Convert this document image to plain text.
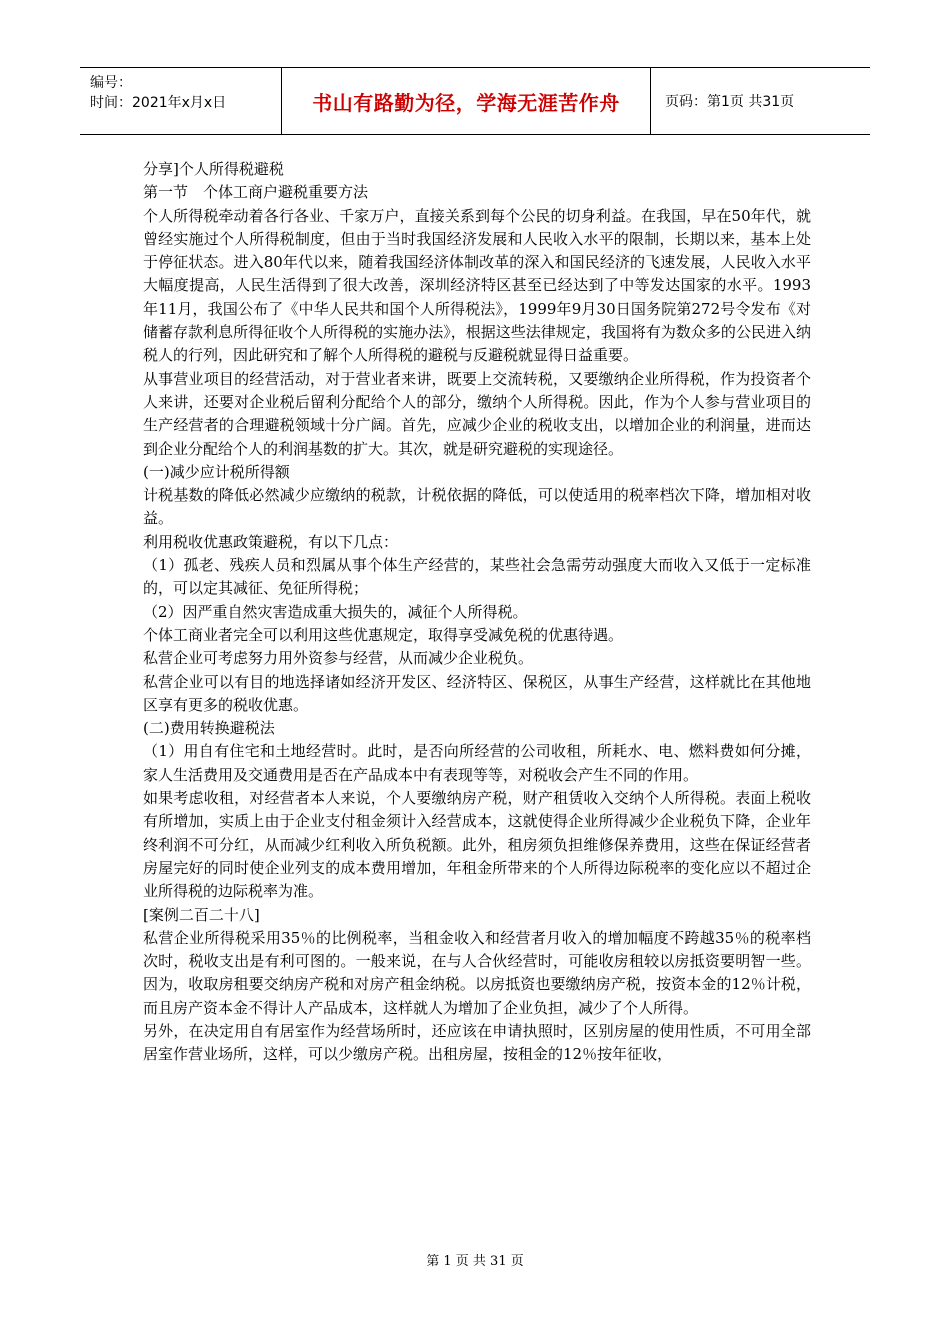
编号：
时间：2021年x月x日	书山有路勤为径，学海无涯苦作舟	页码：第1页 共31页

分享]个人所得税避税

第一节　个体工商户避税重要方法

个人所得税牵动着各行各业、千家万户，直接关系到每个公民的切身利益。在我国，早在50年代，就曾经实施过个人所得税制度，但由于当时我国经济发展和人民收入水平的限制，长期以来，基本上处于停征状态。进入80年代以来，随着我国经济体制改革的深入和国民经济的飞速发展，人民收入水平大幅度提高，人民生活得到了很大改善，深圳经济特区甚至已经达到了中等发达国家的水平。1993年11月，我国公布了《中华人民共和国个人所得税法》，1999年9月30日国务院第272号令发布《对储蓄存款利息所得征收个人所得税的实施办法》，根据这些法律规定，我国将有为数众多的公民进入纳税人的行列，因此研究和了解个人所得税的避税与反避税就显得日益重要。

从事营业项目的经营活动，对于营业者来讲，既要上交流转税，又要缴纳企业所得税，作为投资者个人来讲，还要对企业税后留利分配给个人的部分，缴纳个人所得税。因此，作为个人参与营业项目的生产经营者的合理避税领域十分广阔。首先，应减少企业的税收支出，以增加企业的利润量，进而达到企业分配给个人的利润基数的扩大。其次，就是研究避税的实现途径。

(一)减少应计税所得额

计税基数的降低必然减少应缴纳的税款，计税依据的降低，可以使适用的税率档次下降，增加相对收益。

利用税收优惠政策避税，有以下几点：

（1）孤老、残疾人员和烈属从事个体生产经营的，某些社会急需劳动强度大而收入又低于一定标准的，可以定其减征、免征所得税；

（2）因严重自然灾害造成重大损失的，减征个人所得税。

个体工商业者完全可以利用这些优惠规定，取得享受减免税的优惠待遇。

私营企业可考虑努力用外资参与经营，从而减少企业税负。

私营企业可以有目的地选择诸如经济开发区、经济特区、保税区，从事生产经营，这样就比在其他地区享有更多的税收优惠。

(二)费用转换避税法

（1）用自有住宅和土地经营时。此时，是否向所经营的公司收租，所耗水、电、燃料费如何分摊，家人生活费用及交通费用是否在产品成本中有表现等等，对税收会产生不同的作用。

如果考虑收租，对经营者本人来说，个人要缴纳房产税，财产租赁收入交纳个人所得税。表面上税收有所增加，实质上由于企业支付租金须计入经营成本，这就使得企业所得减少企业税负下降，企业年终利润不可分红，从而减少红利收入所负税额。此外，租房须负担维修保养费用，这些在保证经营者房屋完好的同时使企业列支的成本费用增加，年租金所带来的个人所得边际税率的变化应以不超过企业所得税的边际税率为准。

[案例二百二十八]

私营企业所得税采用35％的比例税率，当租金收入和经营者月收入的增加幅度不跨越35％的税率档次时，税收支出是有利可图的。一般来说，在与人合伙经营时，可能收房租较以房抵资要明智一些。因为，收取房租要交纳房产税和对房产租金纳税。以房抵资也要缴纳房产税，按资本金的12％计税，而且房产资本金不得计人产品成本，这样就人为增加了企业负担，减少了个人所得。

另外，在决定用自有居室作为经营场所时，还应该在申请执照时，区别房屋的使用性质，不可用全部居室作营业场所，这样，可以少缴房产税。出租房屋，按租金的12％按年征收，

第 1 页 共 31 页
